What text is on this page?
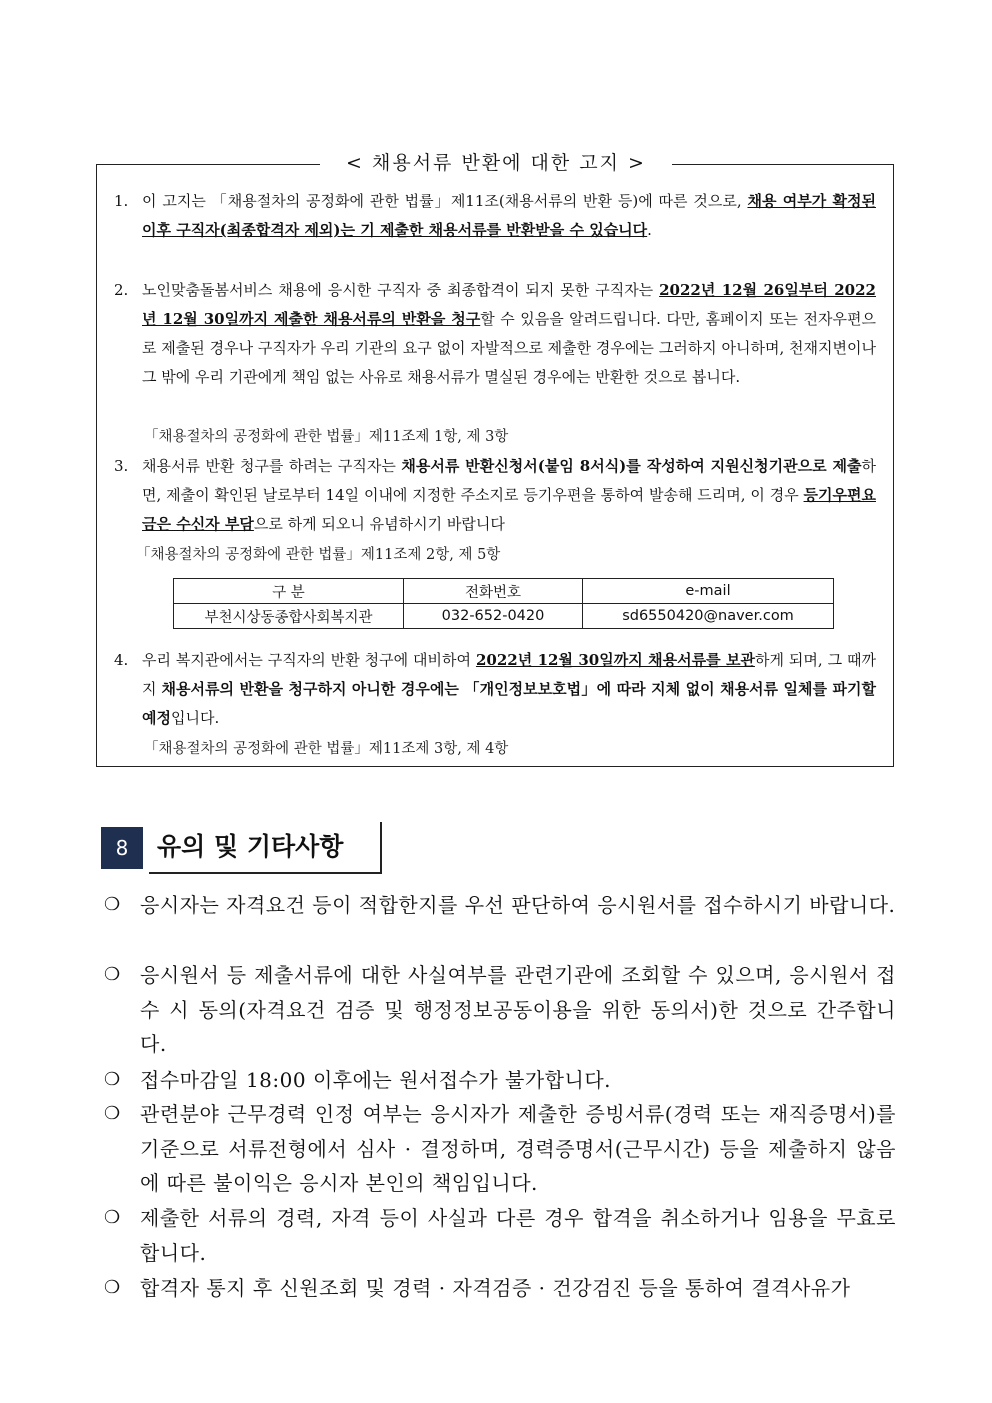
< 채용서류 반환에 대한 고지 >
1. 이 고지는 「채용절차의 공정화에 관한 법률」제11조(채용서류의 반환 등)에 따른 것으로, 채용 여부가 확정된 이후 구직자(최종합격자 제외)는 기 제출한 채용서류를 반환받을 수 있습니다.
2. 노인맞춤돌봄서비스 채용에 응시한 구직자 중 최종합격이 되지 못한 구직자는 2022년 12월 26일부터 2022년 12월 30일까지 제출한 채용서류의 반환을 청구할 수 있음을 알려드립니다. 다만, 홈페이지 또는 전자우편으로 제출된 경우나 구직자가 우리 기관의 요구 없이 자발적으로 제출한 경우에는 그러하지 아니하며, 천재지변이나 그 밖에 우리 기관에게 책임 없는 사유로 채용서류가 멸실된 경우에는 반환한 것으로 봅니다.
「채용절차의 공정화에 관한 법률」제11조제 1항, 제 3항
3. 채용서류 반환 청구를 하려는 구직자는 채용서류 반환신청서(붙임 8서식)를 작성하여 지원신청기관으로 제출하면, 제출이 확인된 날로부터 14일 이내에 지정한 주소지로 등기우편을 통하여 발송해 드리며, 이 경우 등기우편요금은 수신자 부담으로 하게 되오니 유념하시기 바랍니다
「채용절차의 공정화에 관한 법률」제11조제 2항, 제 5항
구 분	전화번호	e-mail
부천시상동종합사회복지관	032-652-0420	sd6550420@naver.com
4. 우리 복지관에서는 구직자의 반환 청구에 대비하여 2022년 12월 30일까지 채용서류를 보관하게 되며, 그 때까지 채용서류의 반환을 청구하지 아니한 경우에는 「개인정보보호법」에 따라 지체 없이 채용서류 일체를 파기할 예정입니다.
「채용절차의 공정화에 관한 법률」제11조제 3항, 제 4항
8	유의 및 기타사항
❍ 응시자는 자격요건 등이 적합한지를 우선 판단하여 응시원서를 접수하시기 바랍니다.
❍ 응시원서 등 제출서류에 대한 사실여부를 관련기관에 조회할 수 있으며, 응시원서 접수 시 동의(자격요건 검증 및 행정정보공동이용을 위한 동의서)한 것으로 간주합니다.
❍ 접수마감일 18:00 이후에는 원서접수가 불가합니다.
❍ 관련분야 근무경력 인정 여부는 응시자가 제출한 증빙서류(경력 또는 재직증명서)를 기준으로 서류전형에서 심사 · 결정하며, 경력증명서(근무시간) 등을 제출하지 않음에 따른 불이익은 응시자 본인의 책임입니다.
❍ 제출한 서류의 경력, 자격 등이 사실과 다른 경우 합격을 취소하거나 임용을 무효로 합니다.
❍ 합격자 통지 후 신원조회 및 경력 · 자격검증 · 건강검진 등을 통하여 결격사유가
